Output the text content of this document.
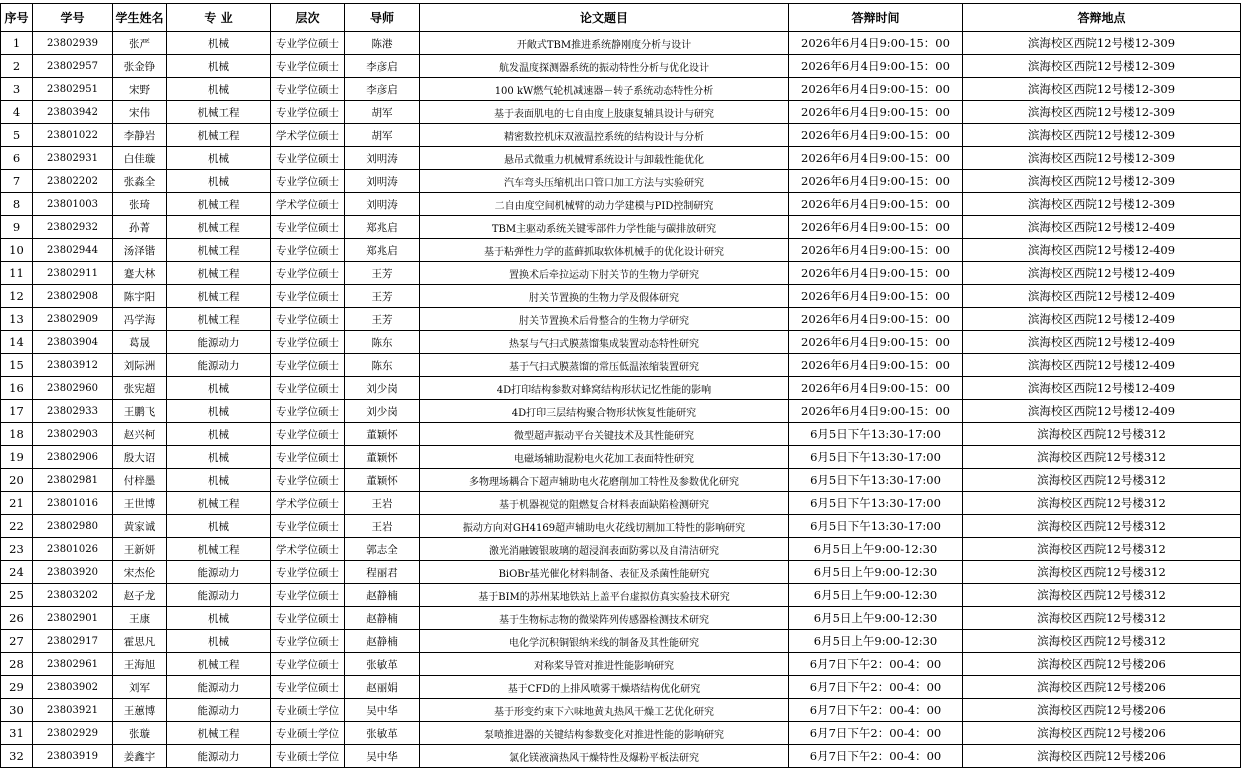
序号	学号	学生姓名	专 业	层次	导师	论文题目	答辩时间	答辩地点
1	23802939	张严	机械	专业学位硕士	陈港	开敞式TBM推进系统静刚度分析与设计	2026年6月4日9:00-15：00	滨海校区西院12号楼12-309
2	23802957	张金铮	机械	专业学位硕士	李彦启	航发温度探测器系统的振动特性分析与优化设计	2026年6月4日9:00-15：00	滨海校区西院12号楼12-309
3	23802951	宋野	机械	专业学位硕士	李彦启	100 kW燃气轮机减速器－转子系统动态特性分析	2026年6月4日9:00-15：00	滨海校区西院12号楼12-309
4	23803942	宋伟	机械工程	专业学位硕士	胡军	基于表面肌电的七自由度上肢康复辅具设计与研究	2026年6月4日9:00-15：00	滨海校区西院12号楼12-309
5	23801022	李静岩	机械工程	学术学位硕士	胡军	精密数控机床双液温控系统的结构设计与分析	2026年6月4日9:00-15：00	滨海校区西院12号楼12-309
6	23802931	白佳璇	机械	专业学位硕士	刘明涛	悬吊式微重力机械臂系统设计与卸载性能优化	2026年6月4日9:00-15：00	滨海校区西院12号楼12-309
7	23802202	张淼全	机械	专业学位硕士	刘明涛	汽车弯头压缩机出口管口加工方法与实验研究	2026年6月4日9:00-15：00	滨海校区西院12号楼12-309
8	23801003	张琦	机械工程	学术学位硕士	刘明涛	二自由度空间机械臂的动力学建模与PID控制研究	2026年6月4日9:00-15：00	滨海校区西院12号楼12-309
9	23802932	孙菁	机械工程	专业学位硕士	郑兆启	TBM主驱动系统关键零部件力学性能与碳排放研究	2026年6月4日9:00-15：00	滨海校区西院12号楼12-409
10	23802944	汤泽锴	机械工程	专业学位硕士	郑兆启	基于粘弹性力学的蓝藓抓取软体机械手的优化设计研究	2026年6月4日9:00-15：00	滨海校区西院12号楼12-409
11	23802911	蹇大林	机械工程	专业学位硕士	王芳	置换术后牵拉运动下肘关节的生物力学研究	2026年6月4日9:00-15：00	滨海校区西院12号楼12-409
12	23802908	陈宇阳	机械工程	专业学位硕士	王芳	肘关节置换的生物力学及假体研究	2026年6月4日9:00-15：00	滨海校区西院12号楼12-409
13	23802909	冯学海	机械工程	专业学位硕士	王芳	肘关节置换术后骨整合的生物力学研究	2026年6月4日9:00-15：00	滨海校区西院12号楼12-409
14	23803904	葛晟	能源动力	专业学位硕士	陈东	热泵与气扫式膜蒸馏集成装置动态特性研究	2026年6月4日9:00-15：00	滨海校区西院12号楼12-409
15	23803912	刘际洲	能源动力	专业学位硕士	陈东	基于气扫式膜蒸馏的常压低温浓缩装置研究	2026年6月4日9:00-15：00	滨海校区西院12号楼12-409
16	23802960	张宪超	机械	专业学位硕士	刘少岗	4D打印结构参数对蜂窝结构形状记忆性能的影响	2026年6月4日9:00-15：00	滨海校区西院12号楼12-409
17	23802933	王鹏飞	机械	专业学位硕士	刘少岗	4D打印三层结构聚合物形状恢复性能研究	2026年6月4日9:00-15：00	滨海校区西院12号楼12-409
18	23802903	赵兴柯	机械	专业学位硕士	董颖怀	微型超声振动平台关键技术及其性能研究	6月5日下午13:30-17:00	滨海校区西院12号楼312
19	23802906	殷大诏	机械	专业学位硕士	董颖怀	电磁场辅助混粉电火花加工表面特性研究	6月5日下午13:30-17:00	滨海校区西院12号楼312
20	23802981	付梓墨	机械	专业学位硕士	董颖怀	多物理场耦合下超声辅助电火花磨削加工特性及参数优化研究	6月5日下午13:30-17:00	滨海校区西院12号楼312
21	23801016	王世博	机械工程	学术学位硕士	王岩	基于机器视觉的阻燃复合材料表面缺陷检测研究	6月5日下午13:30-17:00	滨海校区西院12号楼312
22	23802980	黄家诚	机械	专业学位硕士	王岩	振动方向对GH4169超声辅助电火花线切割加工特性的影响研究	6月5日下午13:30-17:00	滨海校区西院12号楼312
23	23801026	王新妍	机械工程	学术学位硕士	郭志全	激光消融镀银玻璃的超浸润表面防雾以及自清洁研究	6月5日上午9:00-12:30	滨海校区西院12号楼312
24	23803920	宋杰伦	能源动力	专业学位硕士	程丽君	BiOBr基光催化材料制备、表征及杀菌性能研究	6月5日上午9:00-12:30	滨海校区西院12号楼312
25	23803202	赵子龙	能源动力	专业学位硕士	赵静楠	基于BIM的苏州某地铁站上盖平台虚拟仿真实验技术研究	6月5日上午9:00-12:30	滨海校区西院12号楼312
26	23802901	王康	机械	专业学位硕士	赵静楠	基于生物标志物的微梁阵列传感器检测技术研究	6月5日上午9:00-12:30	滨海校区西院12号楼312
27	23802917	霍思凡	机械	专业学位硕士	赵静楠	电化学沉积铜银纳米线的制备及其性能研究	6月5日上午9:00-12:30	滨海校区西院12号楼312
28	23802961	王海旭	机械工程	专业学位硕士	张敏革	对称桨导管对推进性能影响研究	6月7日下午2：00-4：00	滨海校区西院12号楼206
29	23803902	刘军	能源动力	专业学位硕士	赵丽娟	基于CFD的上排风喷雾干燥塔结构优化研究	6月7日下午2：00-4：00	滨海校区西院12号楼206
30	23803921	王蕙博	能源动力	专业硕士学位	吴中华	基于形变约束下六味地黄丸热风干燥工艺优化研究	6月7日下午2：00-4：00	滨海校区西院12号楼206
31	23802929	张璇	机械工程	专业硕士学位	张敏革	泵喷推进器的关键结构参数变化对推进性能的影响研究	6月7日下午2：00-4：00	滨海校区西院12号楼206
32	23803919	姜鑫宇	能源动力	专业硕士学位	吴中华	氯化镁液滴热风干燥特性及爆粉平板法研究	6月7日下午2：00-4：00	滨海校区西院12号楼206
